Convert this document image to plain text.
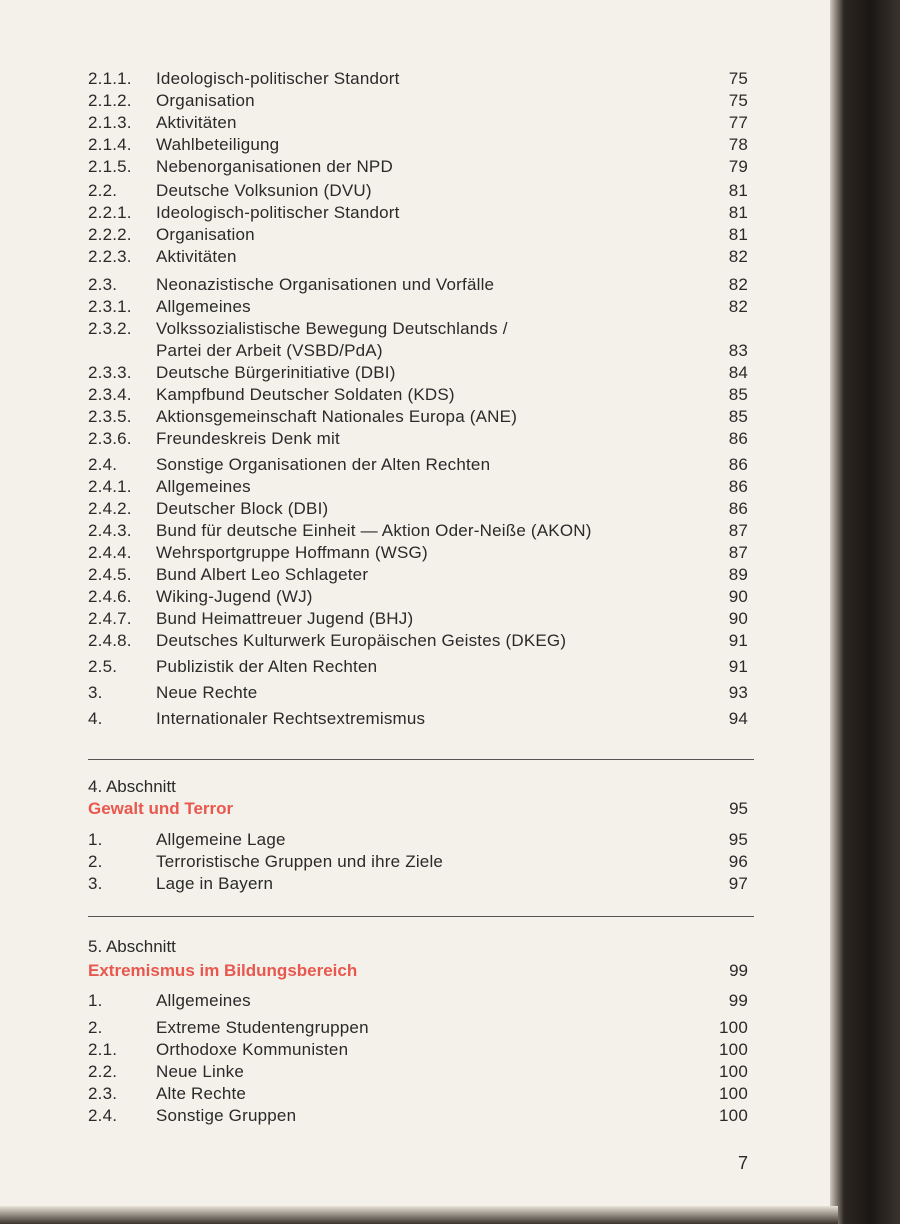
2.1.1. Ideologisch-politischer Standort	75
2.1.2. Organisation	75
2.1.3. Aktivitäten	77
2.1.4. Wahlbeteiligung	78
2.1.5. Nebenorganisationen der NPD	79
2.2. Deutsche Volksunion (DVU)	81
2.2.1. Ideologisch-politischer Standort	81
2.2.2. Organisation	81
2.2.3. Aktivitäten	82
2.3. Neonazistische Organisationen und Vorfälle	82
2.3.1. Allgemeines	82
2.3.2. Volkssozialistische Bewegung Deutschlands /
Partei der Arbeit (VSBD/PdA)	83
2.3.3. Deutsche Bürgerinitiative (DBI)	84
2.3.4. Kampfbund Deutscher Soldaten (KDS)	85
2.3.5. Aktionsgemeinschaft Nationales Europa (ANE)	85
2.3.6. Freundeskreis Denk mit	86
2.4. Sonstige Organisationen der Alten Rechten	86
2.4.1. Allgemeines	86
2.4.2. Deutscher Block (DBI)	86
2.4.3. Bund für deutsche Einheit — Aktion Oder-Neiße (AKON)	87
2.4.4. Wehrsportgruppe Hoffmann (WSG)	87
2.4.5. Bund Albert Leo Schlageter	89
2.4.6. Wiking-Jugend (WJ)	90
2.4.7. Bund Heimattreuer Jugend (BHJ)	90
2.4.8. Deutsches Kulturwerk Europäischen Geistes (DKEG)	91
2.5. Publizistik der Alten Rechten	91
3.	Neue Rechte	93
4.	Internationaler Rechtsextremismus	94
4. Abschnitt
Gewalt und Terror	95
1.	Allgemeine Lage	95
2.	Terroristische Gruppen und ihre Ziele	96
3.	Lage in Bayern	97
5. Abschnitt
Extremismus im Bildungsbereich	99
1.	Allgemeines	99
2.	Extreme Studentengruppen	100
2.1. Orthodoxe Kommunisten	100
2.2. Neue Linke	100
2.3. Alte Rechte	100
2.4. Sonstige Gruppen	100
7
